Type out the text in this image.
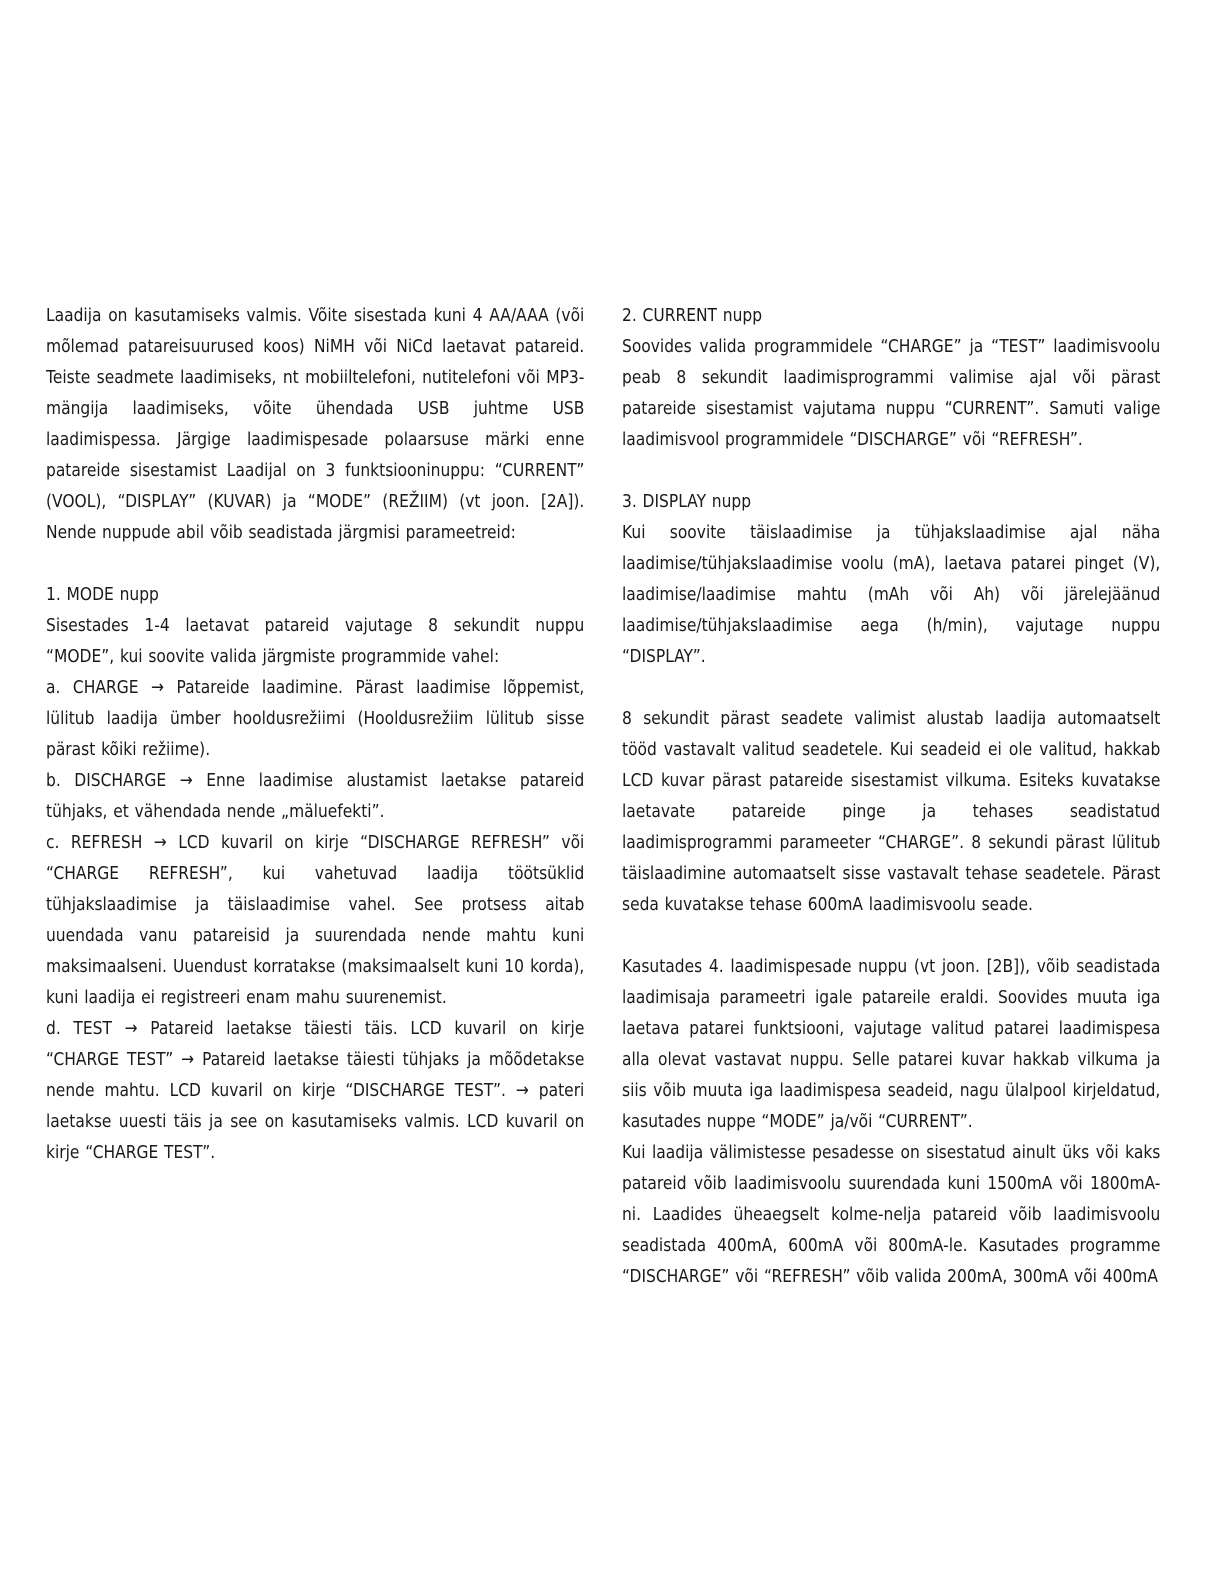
Laadija on kasutamiseks valmis. Võite sisestada kuni 4 AA/AAA (või mõlemad patareisuurused koos) NiMH või NiCd laetavat patareid. Teiste seadmete laadimiseks, nt mobiiltelefoni, nutitelefoni või MP3-mängija laadimiseks, võite ühendada USB juhtme USB laadimispessa. Järgige laadimispesade polaarsuse märki enne patareide sisestamist Laadijal on 3 funktsiooninuppu: “CURRENT” (VOOL), “DISPLAY” (KUVAR) ja “MODE” (REŽIIM) (vt joon. [2A]). Nende nuppude abil võib seadistada järgmisi parameetreid:

1. MODE nupp

Sisestades 1-4 laetavat patareid vajutage 8 sekundit nuppu “MODE”, kui soovite valida järgmiste programmide vahel:

a. CHARGE → Patareide laadimine. Pärast laadimise lõppemist, lülitub laadija ümber hooldusrežiimi (Hooldusrežiim lülitub sisse pärast kõiki režiime).

b. DISCHARGE → Enne laadimise alustamist laetakse patareid tühjaks, et vähendada nende „mäluefekti”.

c. REFRESH → LCD kuvaril on kirje “DISCHARGE REFRESH” või “CHARGE REFRESH”, kui vahetuvad laadija töötsüklid tühjakslaadimise ja täislaadimise vahel. See protsess aitab uuendada vanu patareisid ja suurendada nende mahtu kuni maksimaalseni. Uuendust korratakse (maksimaalselt kuni 10 korda), kuni laadija ei registreeri enam mahu suurenemist.

d. TEST → Patareid laetakse täiesti täis. LCD kuvaril on kirje “CHARGE TEST” → Patareid laetakse täiesti tühjaks ja mõõdetakse nende mahtu. LCD kuvaril on kirje “DISCHARGE TEST”. → pateri laetakse uuesti täis ja see on kasutamiseks valmis. LCD kuvaril on kirje “CHARGE TEST”.

2. CURRENT nupp

Soovides valida programmidele “CHARGE” ja “TEST” laadimisvoolu peab 8 sekundit laadimisprogrammi valimise ajal või pärast patareide sisestamist vajutama nuppu “CURRENT”. Samuti valige laadimisvool programmidele “DISCHARGE” või “REFRESH”.

3. DISPLAY nupp

Kui soovite täislaadimise ja tühjakslaadimise ajal näha laadimise/tühjakslaadimise voolu (mA), laetava patarei pinget (V), laadimise/laadimise mahtu (mAh või Ah) või järelejäänud laadimise/tühjakslaadimise aega (h/min), vajutage nuppu “DISPLAY”.

8 sekundit pärast seadete valimist alustab laadija automaatselt tööd vastavalt valitud seadetele. Kui seadeid ei ole valitud, hakkab LCD kuvar pärast patareide sisestamist vilkuma. Esiteks kuvatakse laetavate patareide pinge ja tehases seadistatud laadimisprogrammi parameeter “CHARGE”. 8 sekundi pärast lülitub täislaadimine automaatselt sisse vastavalt tehase seadetele. Pärast seda kuvatakse tehase 600mA laadimisvoolu seade.

Kasutades 4. laadimispesade nuppu (vt joon. [2B]), võib seadistada laadimisaja parameetri igale patareile eraldi. Soovides muuta iga laetava patarei funktsiooni, vajutage valitud patarei laadimispesa alla olevat vastavat nuppu. Selle patarei kuvar hakkab vilkuma ja siis võib muuta iga laadimispesa seadeid, nagu ülalpool kirjeldatud, kasutades nuppe “MODE” ja/või “CURRENT”.

Kui laadija välimistesse pesadesse on sisestatud ainult üks või kaks patareid võib laadimisvoolu suurendada kuni 1500mA või 1800mA-ni. Laadides üheaegselt kolme-nelja patareid võib laadimisvoolu seadistada 400mA, 600mA või 800mA-le. Kasutades programme “DISCHARGE” või “REFRESH” võib valida 200mA, 300mA või 400mA
